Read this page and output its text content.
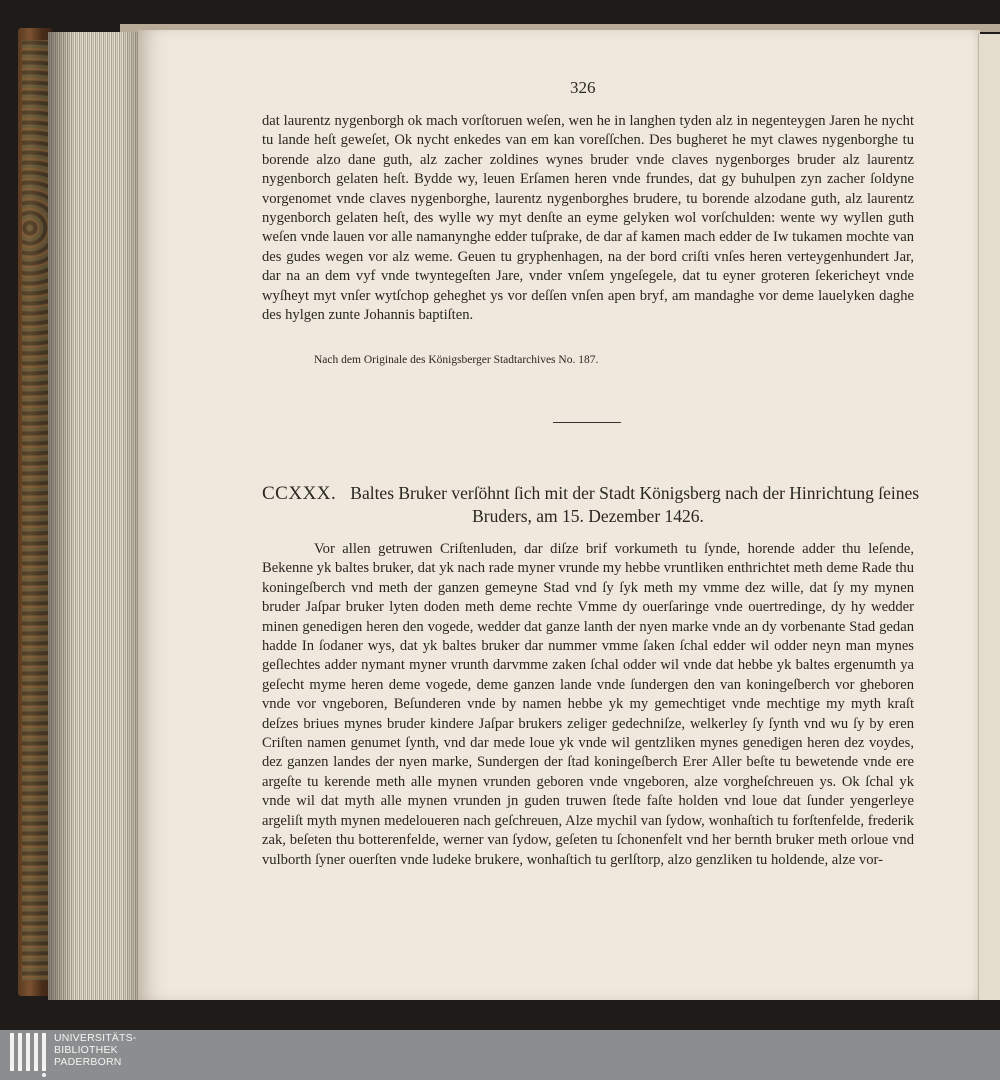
326

dat laurentz nygenborgh ok mach vorſtoruen weſen, wen he in langhen tyden alz in negenteygen Jaren he nycht tu lande heſt geweſet, Ok nycht enkedes van em kan voreſſchen. Des bugheret he myt clawes nygenborghe tu borende alzo dane guth, alz zacher zoldines wynes bruder vnde claves nygenborges bruder alz laurentz nygenborch gelaten heſt. Bydde wy, leuen Erſamen heren vnde frundes, dat gy buhulpen zyn zacher ſoldyne vorgenomet vnde claves nygenborghe, laurentz nygenborghes brudere, tu borende alzodane guth, alz laurentz nygenborch gelaten heſt, des wylle wy myt denſte an eyme gelyken wol vorſchulden: wente wy wyllen guth weſen vnde lauen vor alle namanynghe edder tuſprake, de dar af kamen mach edder de Iw tukamen mochte van des gudes wegen vor alz weme. Geuen tu gryphenhagen, na der bord criſti vnſes heren verteygenhundert Jar, dar na an dem vyf vnde twyntegeſten Jare, vnder vnſem yngeſegele, dat tu eyner groteren ſekericheyt vnde wyſheyt myt vnſer wytſchop geheghet ys vor deſſen vnſen apen bryf, am mandaghe vor deme lauelyken daghe des hylgen zunte Johannis baptiſten.

Nach dem Originale des Königsberger Stadtarchives No. 187.
CCXXX. Baltes Bruker verſöhnt ſich mit der Stadt Königsberg nach der Hinrichtung ſeines
Bruders, am 15. Dezember 1426.

Vor allen getruwen Criſtenluden, dar diſze brif vorkumeth tu ſynde, horende adder thu leſende, Bekenne yk baltes bruker, dat yk nach rade myner vrunde my hebbe vruntliken enthrichtet meth deme Rade thu koningeſberch vnd meth der ganzen gemeyne Stad vnd ſy ſyk meth my vmme dez wille, dat ſy my mynen bruder Jaſpar bruker lyten doden meth deme rechte Vmme dy ouerſaringe vnde ouertredinge, dy hy wedder minen genedigen heren den vogede, wedder dat ganze lanth der nyen marke vnde an dy vorbenante Stad gedan hadde In ſodaner wys, dat yk baltes bruker dar nummer vmme ſaken ſchal edder wil odder neyn man mynes geſlechtes adder nymant myner vrunth darvmme zaken ſchal odder wil vnde dat hebbe yk baltes ergenumth ya geſecht myme heren deme vogede, deme ganzen lande vnde ſundergen den van koningeſberch vor gheboren vnde vor vngeboren, Beſunderen vnde by namen hebbe yk my gemechtiget vnde mechtige my myth kraſt deſzes briues mynes bruder kindere Jaſpar brukers zeliger gedechniſze, welkerley ſy ſynth vnd wu ſy by eren Criſten namen genumet ſynth, vnd dar mede loue yk vnde wil gentzliken mynes genedigen heren dez voydes, dez ganzen landes der nyen marke, Sundergen der ſtad koningeſberch Erer Aller beſte tu bewetende vnde ere argeſte tu kerende meth alle mynen vrunden geboren vnde vngeboren, alze vorgheſchreuen ys. Ok ſchal yk vnde wil dat myth alle mynen vrunden jn guden truwen ſtede faſte holden vnd loue dat ſunder yengerleye argeliſt myth mynen medeloueren nach geſchreuen, Alze mychil van ſydow, wonhaſtich tu forſtenfelde, frederik zak, beſeten thu botterenfelde, werner van ſydow, geſeten tu ſchonenfelt vnd her bernth bruker meth orloue vnd vulborth ſyner ouerſten vnde ludeke brukere, wonhaſtich tu gerlſtorp, alzo genzliken tu holdende, alze vor-

UNIVERSITÄTS-
BIBLIOTHEK
PADERBORN
